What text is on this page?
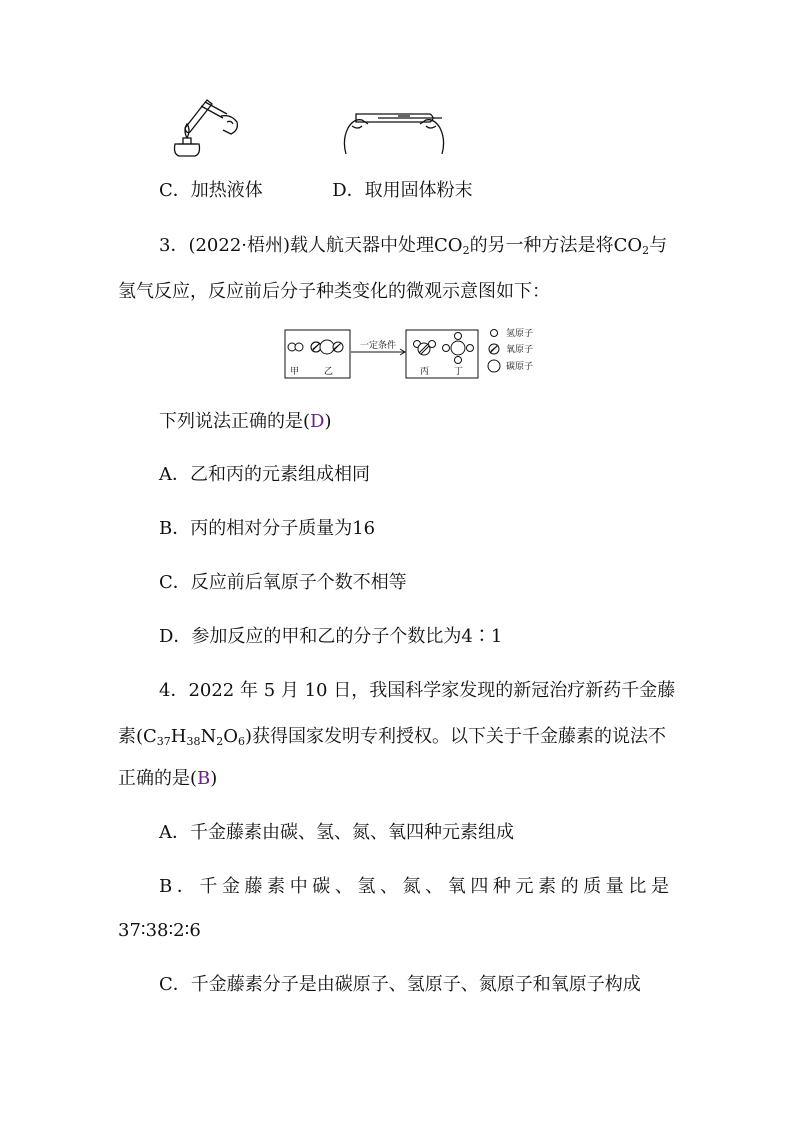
C．加热液体	D．取用固体粉末
3．(2022·梧州)载人航天器中处理$CO_2$的另一种方法是将$CO_2$与
氢气反应，反应前后分子种类变化的微观示意图如下：
一定条件
甲	乙	丙	丁
氢原子
氧原子
碳原子
下列说法正确的是(D)
A．乙和丙的元素组成相同
B．丙的相对分子质量为16
C．反应前后氧原子个数不相等
D．参加反应的甲和乙的分子个数比为4∶1
4．2022 年 5 月 10 日，我国科学家发现的新冠治疗新药千金藤
素$(C_{37}H_{38}N_2O_6)$获得国家发明专利授权。以下关于千金藤素的说法不
正确的是(B)
A．千金藤素由碳、氢、氮、氧四种元素组成
B ． 千 金 藤 素 中 碳 、 氢 、 氮 、 氧 四 种 元 素 的 质 量 比 是
37∶38∶2∶6
C．千金藤素分子是由碳原子、氢原子、氮原子和氧原子构成
